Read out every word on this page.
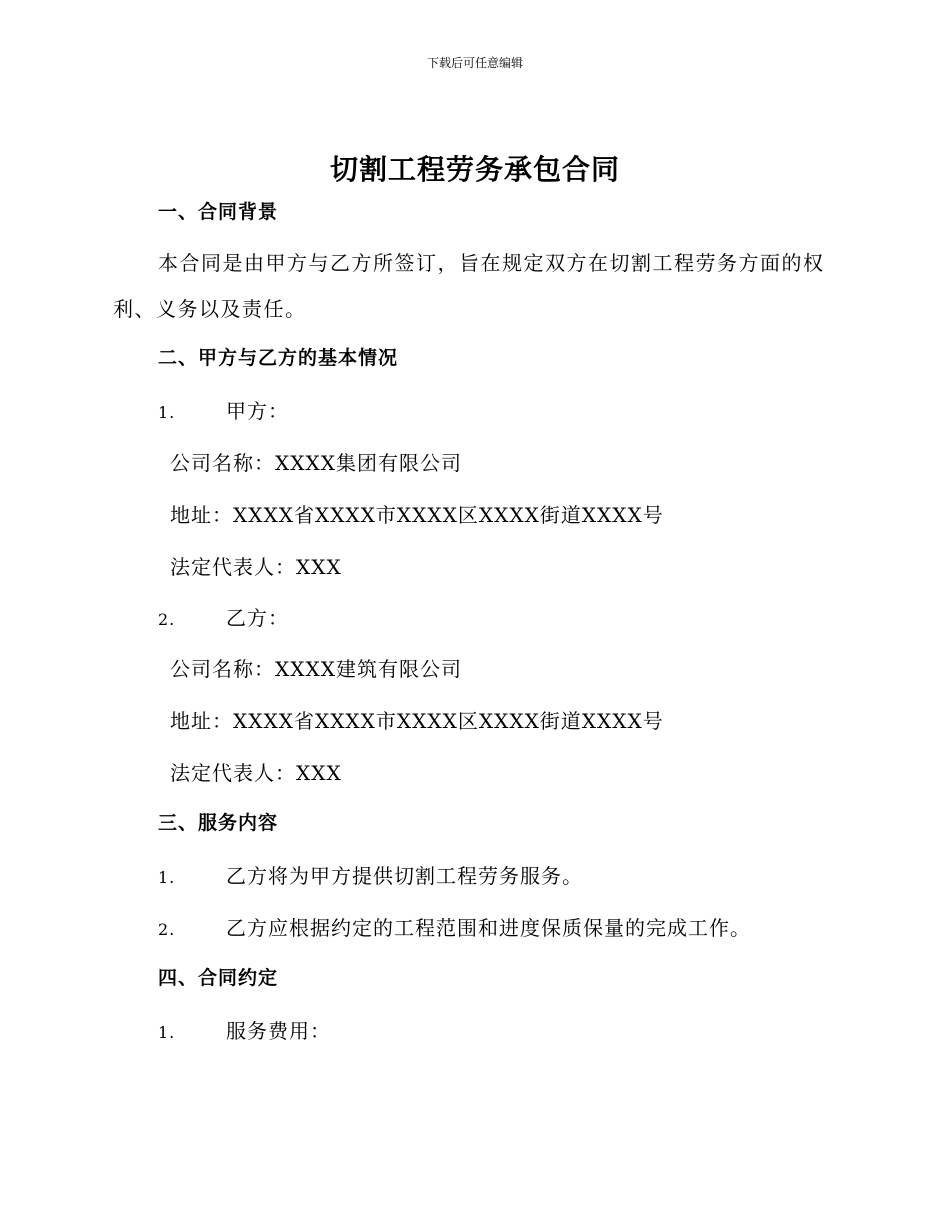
下载后可任意编辑
切割工程劳务承包合同
一、合同背景
本合同是由甲方与乙方所签订，旨在规定双方在切割工程劳务方面的权利、义务以及责任。
二、甲方与乙方的基本情况
1.	甲方：
公司名称：XXXX集团有限公司
地址：XXXX省XXXX市XXXX区XXXX街道XXXX号
法定代表人：XXX
2.	乙方：
公司名称：XXXX建筑有限公司
地址：XXXX省XXXX市XXXX区XXXX街道XXXX号
法定代表人：XXX
三、服务内容
1.	乙方将为甲方提供切割工程劳务服务。
2.	乙方应根据约定的工程范围和进度保质保量的完成工作。
四、合同约定
1.	服务费用：
